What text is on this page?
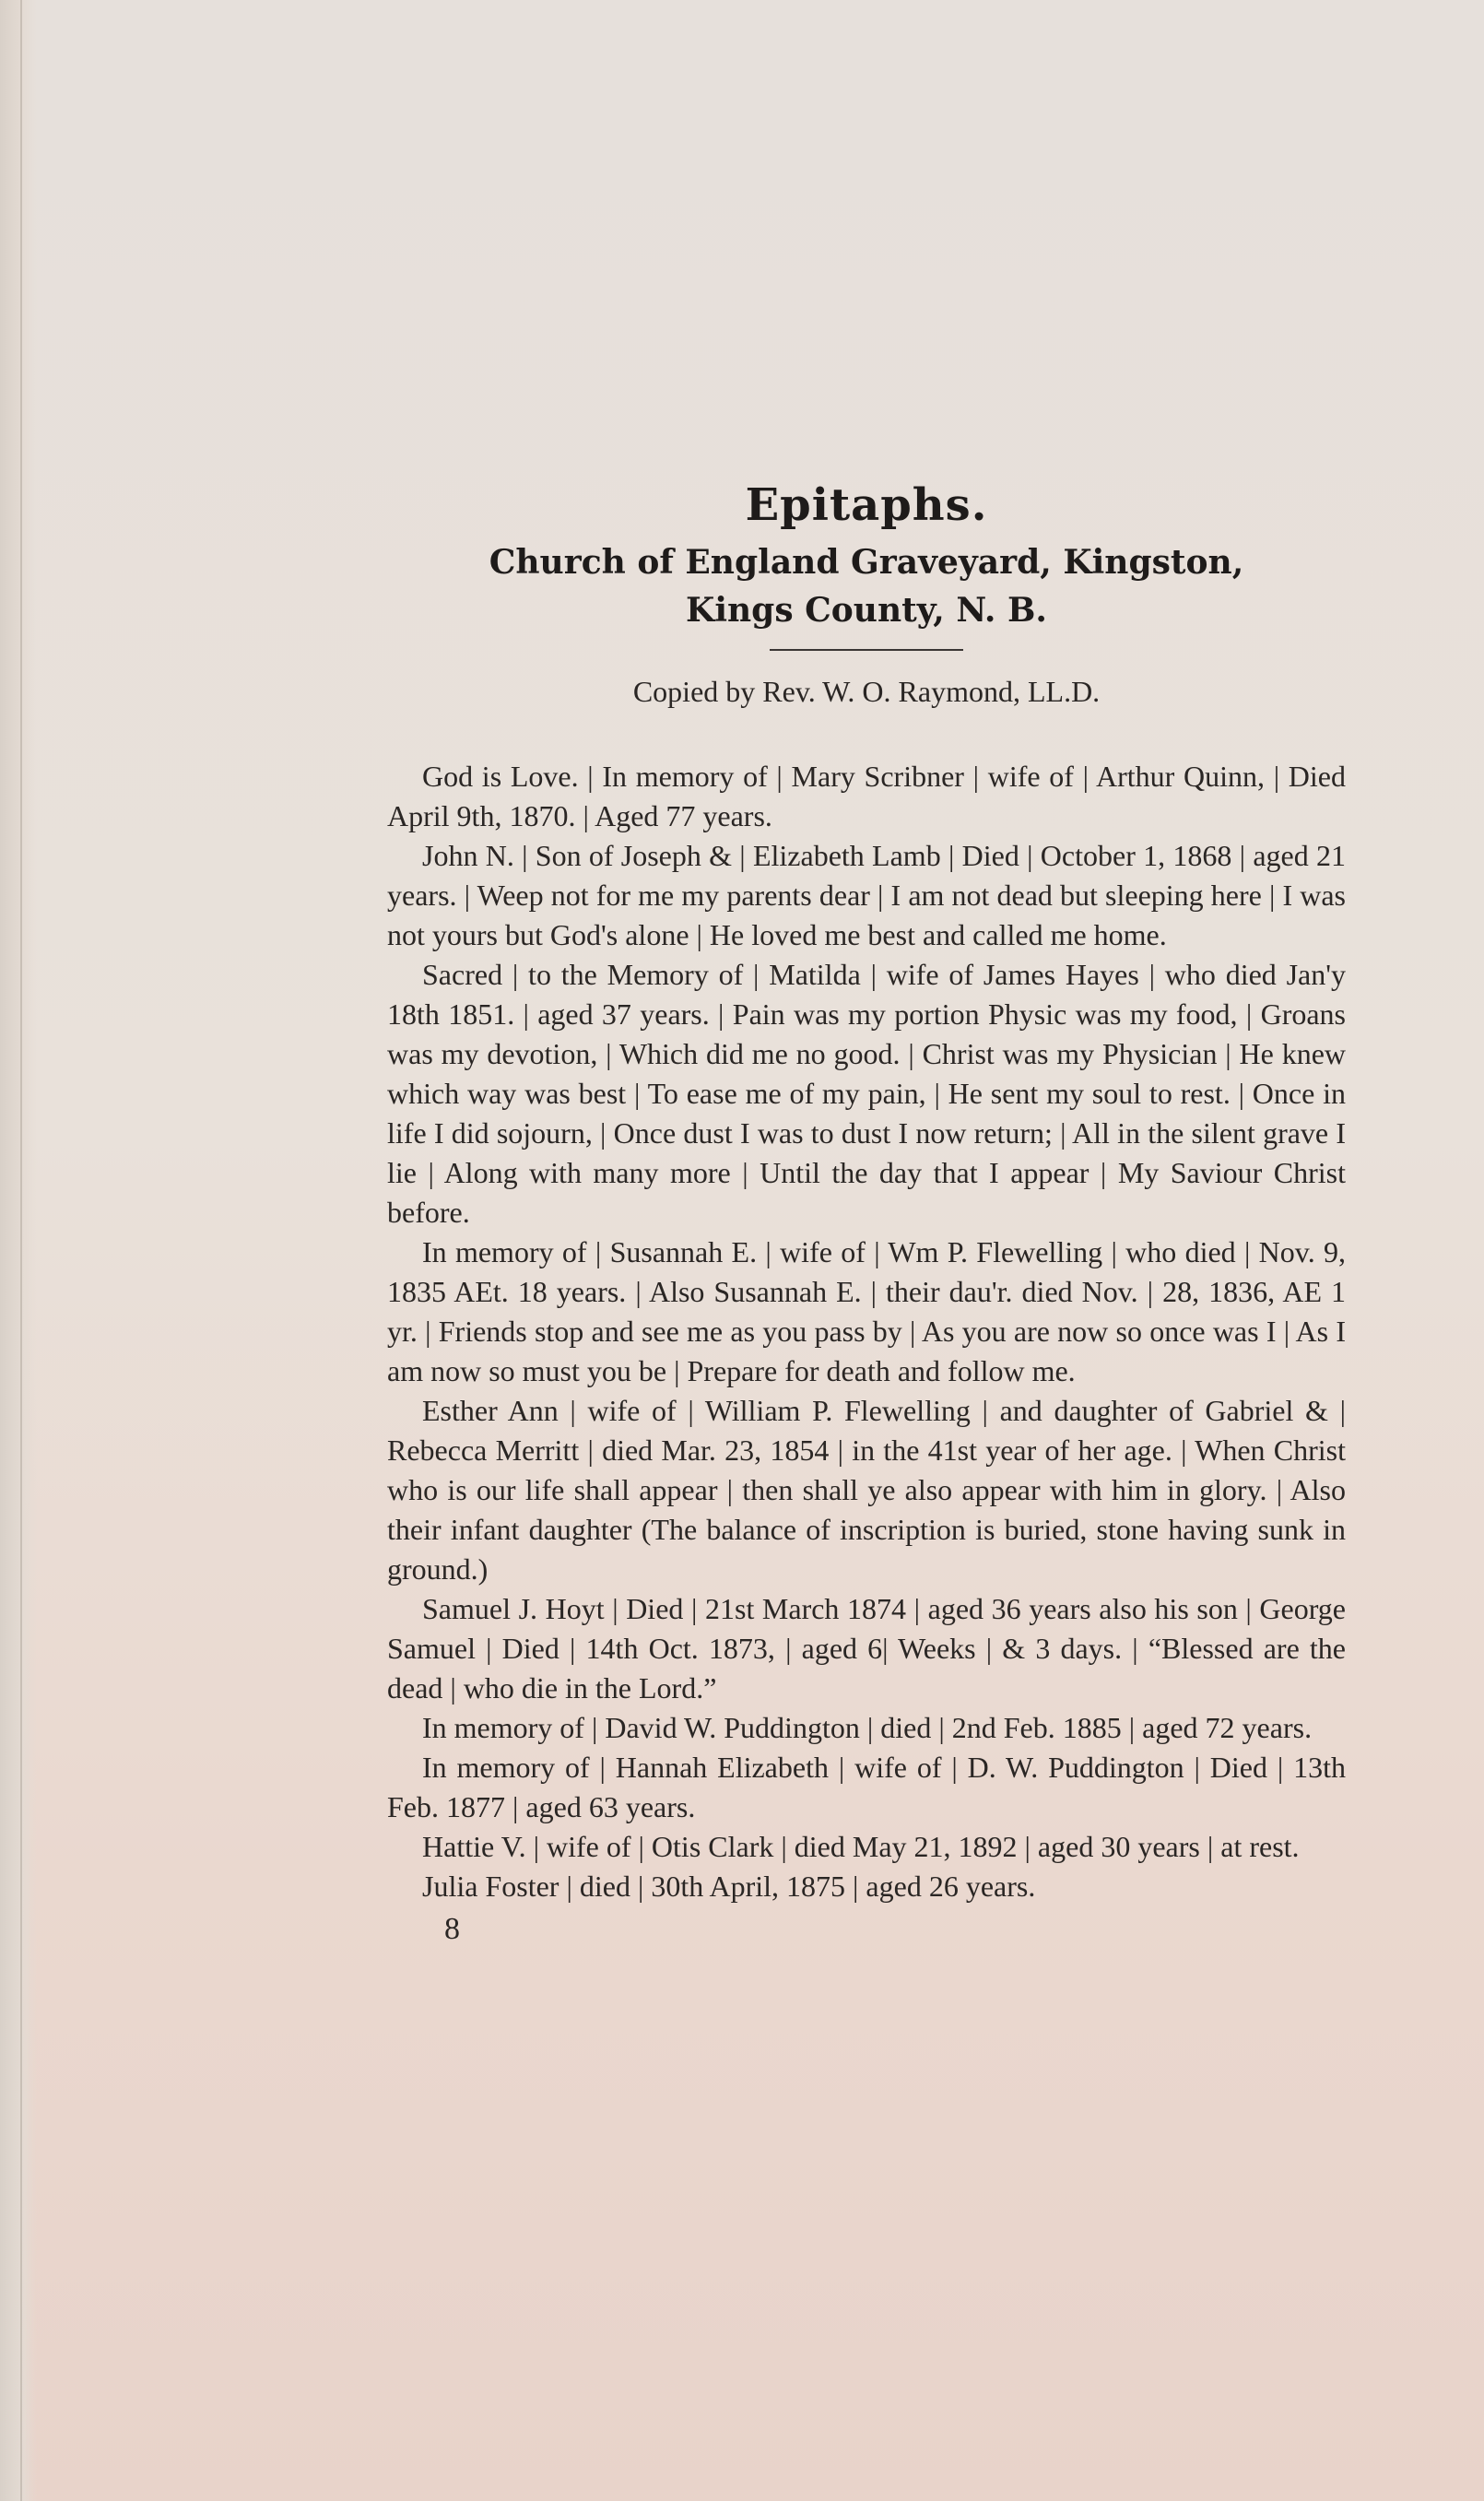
Epitaphs.
Church of England Graveyard, Kingston,
Kings County, N. B.
Copied by Rev. W. O. Raymond, LL.D.

God is Love. | In memory of | Mary Scribner | wife of | Arthur Quinn, | Died April 9th, 1870. | Aged 77 years.

John N. | Son of Joseph & | Elizabeth Lamb | Died | October 1, 1868 | aged 21 years. | Weep not for me my parents dear | I am not dead but sleeping here | I was not yours but God's alone | He loved me best and called me home.

Sacred | to the Memory of | Matilda | wife of James Hayes | who died Jan'y 18th 1851. | aged 37 years. | Pain was my portion Physic was my food, | Groans was my devotion, | Which did me no good. | Christ was my Physician | He knew which way was best | To ease me of my pain, | He sent my soul to rest. | Once in life I did sojourn, | Once dust I was to dust I now return; | All in the silent grave I lie | Along with many more | Until the day that I appear | My Saviour Christ before.

In memory of | Susannah E. | wife of | Wm P. Flewelling | who died | Nov. 9, 1835 AEt. 18 years. | Also Susannah E. | their dau'r. died Nov. | 28, 1836, AE 1 yr. | Friends stop and see me as you pass by | As you are now so once was I | As I am now so must you be | Prepare for death and follow me.

Esther Ann | wife of | William P. Flewelling | and daughter of Gabriel & | Rebecca Merritt | died Mar. 23, 1854 | in the 41st year of her age. | When Christ who is our life shall appear | then shall ye also appear with him in glory. | Also their infant daughter (The balance of inscription is buried, stone having sunk in ground.)

Samuel J. Hoyt | Died | 21st March 1874 | aged 36 years also his son | George Samuel | Died | 14th Oct. 1873, | aged 6| Weeks | & 3 days. | “Blessed are the dead | who die in the Lord.”

In memory of | David W. Puddington | died | 2nd Feb. 1885 | aged 72 years.

In memory of | Hannah Elizabeth | wife of | D. W. Puddington | Died | 13th Feb. 1877 | aged 63 years.

Hattie V. | wife of | Otis Clark | died May 21, 1892 | aged 30 years | at rest.

Julia Foster | died | 30th April, 1875 | aged 26 years.

8
